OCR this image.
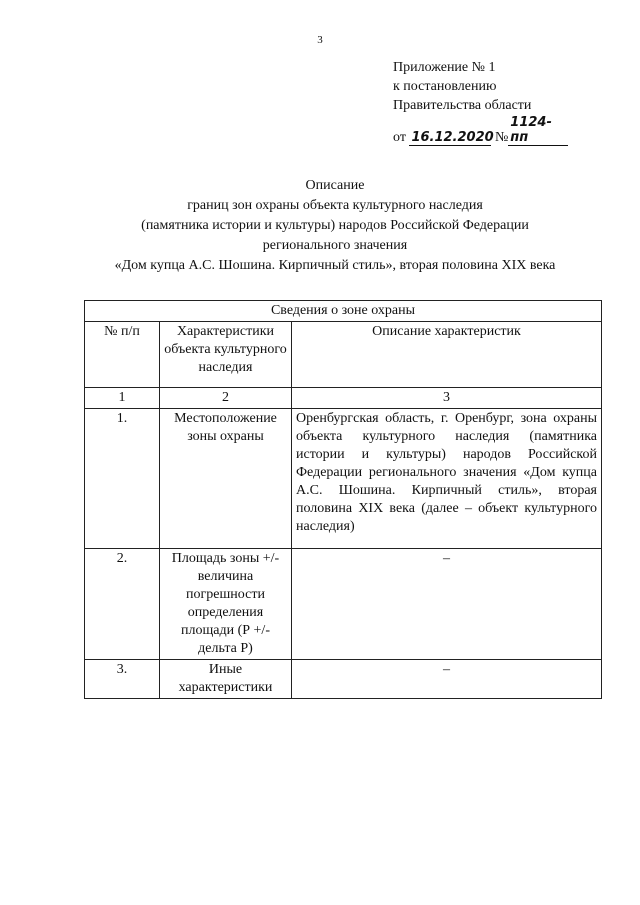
3
Приложение № 1
к постановлению
Правительства области
от 16.12.2020 №1124-пп
Описание
границ зон охраны объекта культурного наследия
(памятника истории и культуры) народов Российской Федерации
регионального значения
«Дом купца А.С. Шошина. Кирпичный стиль», вторая половина XIX века
Сведения о зоне охраны		
№ п/п	Характеристики объекта культурного наследия	Описание характеристик
1	2	3
1.	Местоположение зоны охраны	Оренбургская область, г. Оренбург, зона охраны объекта культурного наследия (памятника истории и культуры) народов Российской Федерации регионального значения «Дом купца А.С. Шошина. Кирпичный стиль», вторая половина XIX века (далее – объект культурного наследия)
2.	Площадь зоны +/- величина погрешности определения площади (Р +/- дельта Р)	–
3.	Иные характеристики	–
